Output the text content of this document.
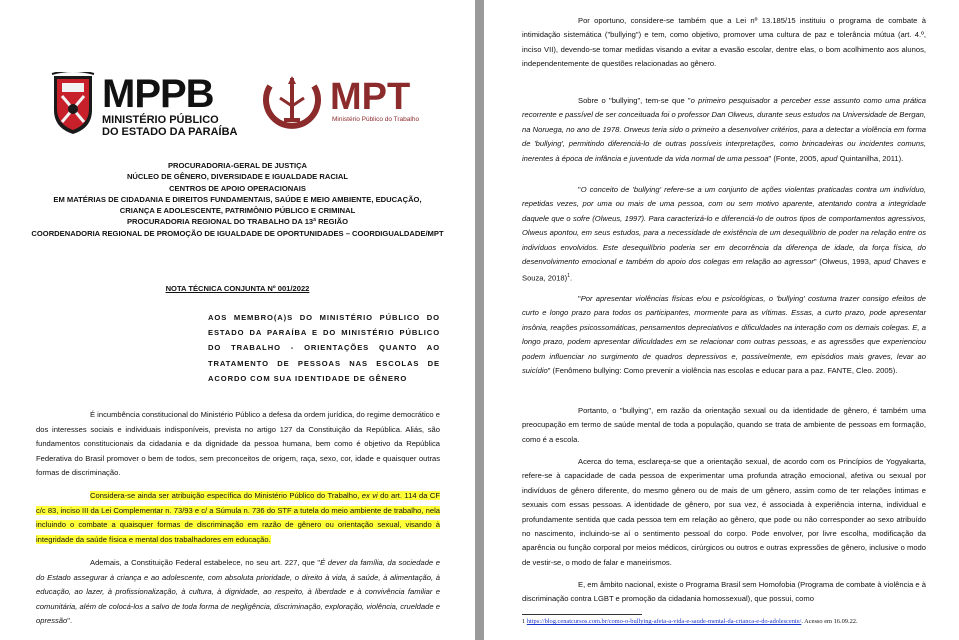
MPPB
MINISTÉRIO PÚBLICO
DO ESTADO DA PARAÍBA
MPT
Ministério Público do Trabalho
PROCURADORIA-GERAL DE JUSTIÇA
NÚCLEO DE GÊNERO, DIVERSIDADE E IGUALDADE RACIAL
CENTROS DE APOIO OPERACIONAIS
EM MATÉRIAS DE CIDADANIA E DIREITOS FUNDAMENTAIS, SAÚDE E MEIO AMBIENTE, EDUCAÇÃO,
CRIANÇA E ADOLESCENTE, PATRIMÔNIO PÚBLICO E CRIMINAL
PROCURADORIA REGIONAL DO TRABALHO DA 13ª REGIÃO
COORDENADORIA REGIONAL DE PROMOÇÃO DE IGUALDADE DE OPORTUNIDADES – COORDIGUALDADE/MPT
NOTA TÉCNICA CONJUNTA Nº 001/2022
AOS MEMBRO(A)S DO MINISTÉRIO PÚBLICO DO ESTADO DA PARAÍBA E DO MINISTÉRIO PÚBLICO DO TRABALHO - ORIENTAÇÕES QUANTO AO TRATAMENTO DE PESSOAS NAS ESCOLAS DE ACORDO COM SUA IDENTIDADE DE GÊNERO
É incumbência constitucional do Ministério Público a defesa da ordem jurídica, do regime democrático e dos interesses sociais e individuais indisponíveis, prevista no artigo 127 da Constituição da República. Aliás, são fundamentos constitucionais da cidadania e da dignidade da pessoa humana, bem como é objetivo da República Federativa do Brasil promover o bem de todos, sem preconceitos de origem, raça, sexo, cor, idade e quaisquer outras formas de discriminação.
Considera-se ainda ser atribuição específica do Ministério Público do Trabalho, ex vi do art. 114 da CF c/c 83, inciso III da Lei Complementar n. 73/93 e c/ a Súmula n. 736 do STF a tutela do meio ambiente de trabalho, nela incluindo o combate a quaisquer formas de discriminação em razão de gênero ou orientação sexual, visando à integridade da saúde física e mental dos trabalhadores em educação.
Ademais, a Constituição Federal estabelece, no seu art. 227, que "É dever da família, da sociedade e do Estado assegurar à criança e ao adolescente, com absoluta prioridade, o direito à vida, à saúde, à alimentação, à educação, ao lazer, à profissionalização, à cultura, à dignidade, ao respeito, à liberdade e à convivência familiar e comunitária, além de colocá-los a salvo de toda forma de negligência, discriminação, exploração, violência, crueldade e opressão".
Por oportuno, considere-se também que a Lei nº 13.185/15 instituiu o programa de combate à intimidação sistemática ("bullying") e tem, como objetivo, promover uma cultura de paz e tolerância mútua (art. 4.º, inciso VII), devendo-se tomar medidas visando a evitar a evasão escolar, dentre elas, o bom acolhimento aos alunos, independentemente de questões relacionadas ao gênero.
Sobre o "bullying", tem-se que "o primeiro pesquisador a perceber esse assunto como uma prática recorrente e passível de ser conceituada foi o professor Dan Olweus, durante seus estudos na Universidade de Bergan, na Noruega, no ano de 1978. Orweus teria sido o primeiro a desenvolver critérios, para a detectar a violência em forma de 'bullying', permitindo diferenciá-lo de outras possíveis interpretações, como brincadeiras ou incidentes comuns, inerentes à época de infância e juventude da vida normal de uma pessoa" (Fonte, 2005, apud Quintanilha, 2011).
"O conceito de 'bullying' refere-se a um conjunto de ações violentas praticadas contra um indivíduo, repetidas vezes, por uma ou mais de uma pessoa, com ou sem motivo aparente, atentando contra a integridade daquele que o sofre (Olweus, 1997). Para caracterizá-lo e diferenciá-lo de outros tipos de comportamentos agressivos, Olweus apontou, em seus estudos, para a necessidade de existência de um desequilíbrio de poder na relação entre os indivíduos envolvidos. Este desequilíbrio poderia ser em decorrência da diferença de idade, da força física, do desenvolvimento emocional e também do apoio dos colegas em relação ao agressor" (Olweus, 1993, apud Chaves e Souza, 2018)$^1$.
"Por apresentar violências físicas e/ou e psicológicas, o 'bullying' costuma trazer consigo efeitos de curto e longo prazo para todos os participantes, mormente para as vítimas. Essas, a curto prazo, pode apresentar insônia, reações psicossomáticas, pensamentos depreciativos e dificuldades na interação com os demais colegas. E, a longo prazo, podem apresentar dificuldades em se relacionar com outras pessoas, e as agressões que experienciou podem influenciar no surgimento de quadros depressivos e, possivelmente, em episódios mais graves, levar ao suicídio" (Fenômeno bullying: Como prevenir a violência nas escolas e educar para a paz. FANTE, Cleo. 2005).
Portanto, o "bullying", em razão da orientação sexual ou da identidade de gênero, é também uma preocupação em termo de saúde mental de toda a população, quando se trata de ambiente de pessoas em formação, como é a escola.
Acerca do tema, esclareça-se que a orientação sexual, de acordo com os Princípios de Yogyakarta, refere-se à capacidade de cada pessoa de experimentar uma profunda atração emocional, afetiva ou sexual por indivíduos de gênero diferente, do mesmo gênero ou de mais de um gênero, assim como de ter relações íntimas e sexuais com essas pessoas. A identidade de gênero, por sua vez, é associada à experiência interna, individual e profundamente sentida que cada pessoa tem em relação ao gênero, que pode ou não corresponder ao sexo atribuído no nascimento, incluindo-se aí o sentimento pessoal do corpo. Pode envolver, por livre escolha, modificação da aparência ou função corporal por meios médicos, cirúrgicos ou outros e outras expressões de gênero, inclusive o modo de vestir-se, o modo de falar e maneirismos.
E, em âmbito nacional, existe o Programa Brasil sem Homofobia (Programa de combate à violência e à discriminação contra LGBT e promoção da cidadania homossexual), que possui, como
1 https://blog.cenatcursos.com.br/como-o-bullying-afeta-a-vida-e-saude-mental-da-crianca-e-do-adolescente/. Acesso em 16.09.22.
